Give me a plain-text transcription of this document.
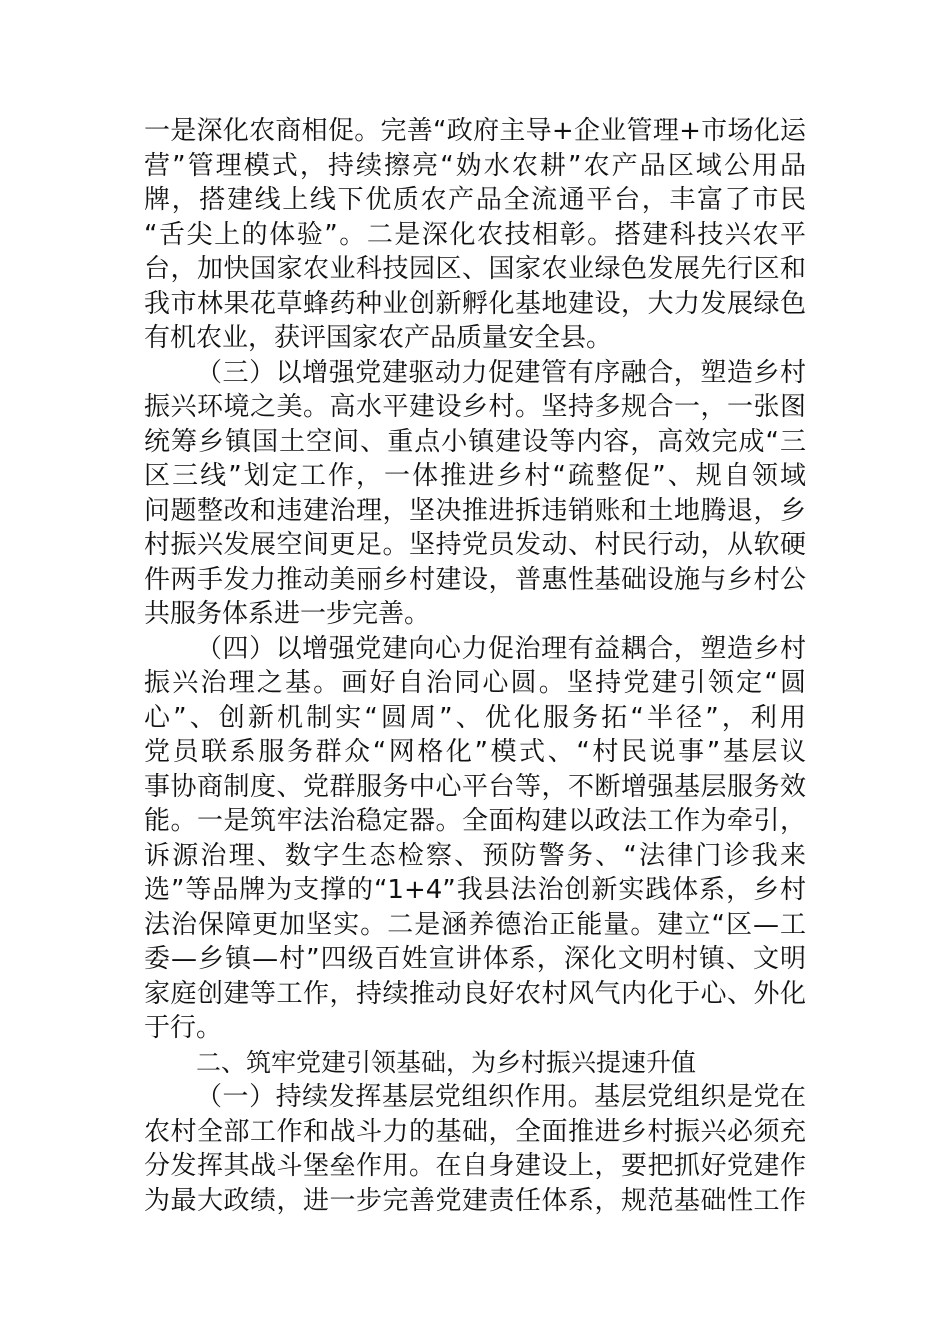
一是深化农商相促。完善“政府主导+企业管理+市场化运
营”管理模式，持续擦亮“妫水农耕”农产品区域公用品
牌，搭建线上线下优质农产品全流通平台，丰富了市民
“舌尖上的体验”。二是深化农技相彰。搭建科技兴农平
台，加快国家农业科技园区、国家农业绿色发展先行区和
我市林果花草蜂药种业创新孵化基地建设，大力发展绿色
有机农业，获评国家农产品质量安全县。
（三）以增强党建驱动力促建管有序融合，塑造乡村
振兴环境之美。高水平建设乡村。坚持多规合一，一张图
统筹乡镇国土空间、重点小镇建设等内容，高效完成“三
区三线”划定工作，一体推进乡村“疏整促”、规自领域
问题整改和违建治理，坚决推进拆违销账和土地腾退，乡
村振兴发展空间更足。坚持党员发动、村民行动，从软硬
件两手发力推动美丽乡村建设，普惠性基础设施与乡村公
共服务体系进一步完善。
（四）以增强党建向心力促治理有益耦合，塑造乡村
振兴治理之基。画好自治同心圆。坚持党建引领定“圆
心”、创新机制实“圆周”、优化服务拓“半径”，利用
党员联系服务群众“网格化”模式、“村民说事”基层议
事协商制度、党群服务中心平台等，不断增强基层服务效
能。一是筑牢法治稳定器。全面构建以政法工作为牵引，
诉源治理、数字生态检察、预防警务、“法律门诊我来
选”等品牌为支撑的“1+4”我县法治创新实践体系，乡村
法治保障更加坚实。二是涵养德治正能量。建立“区—工
委—乡镇—村”四级百姓宣讲体系，深化文明村镇、文明
家庭创建等工作，持续推动良好农村风气内化于心、外化
于行。
二、筑牢党建引领基础，为乡村振兴提速升值
（一）持续发挥基层党组织作用。基层党组织是党在
农村全部工作和战斗力的基础，全面推进乡村振兴必须充
分发挥其战斗堡垒作用。在自身建设上，要把抓好党建作
为最大政绩，进一步完善党建责任体系，规范基础性工作
